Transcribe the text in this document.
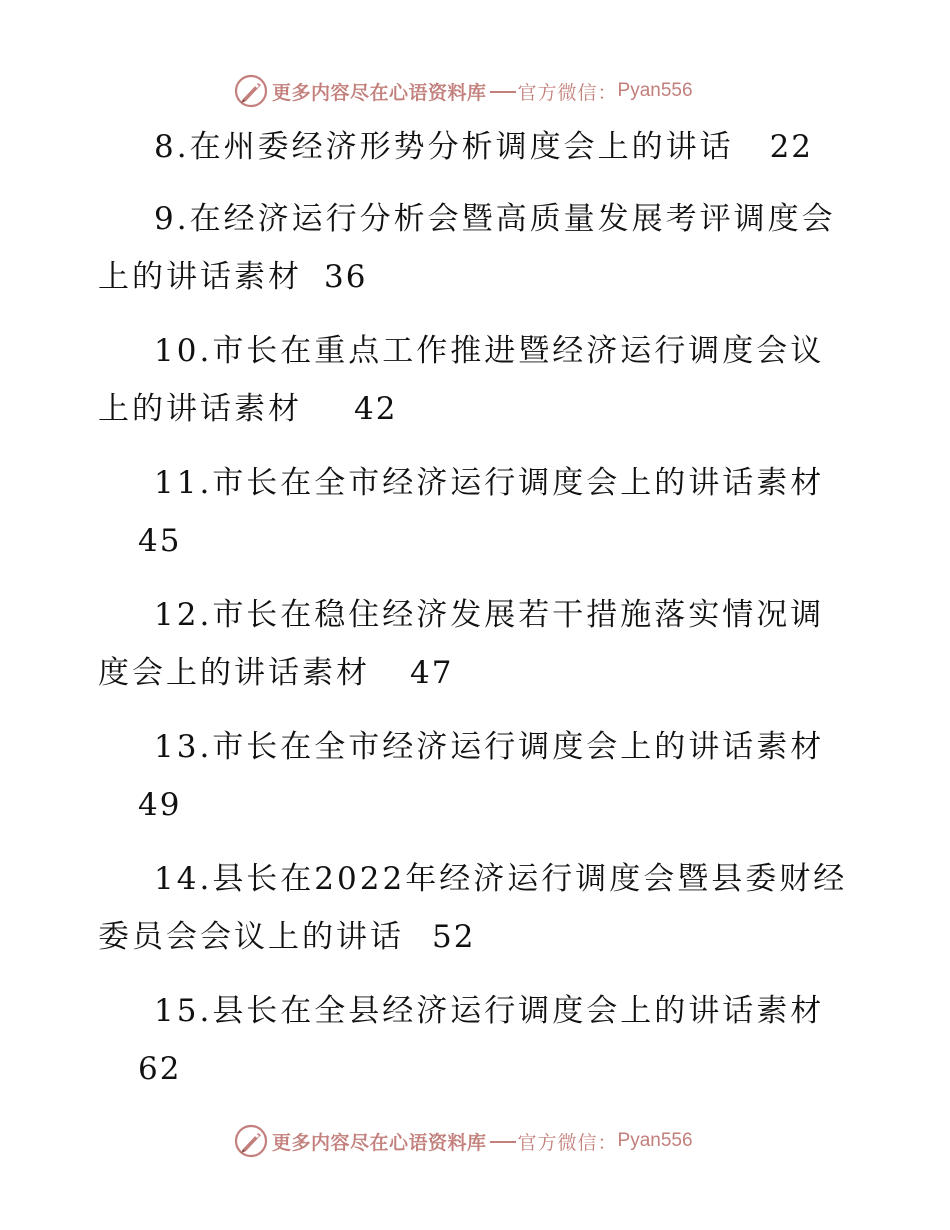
更多内容尽在心语资料库 官方微信： Pyan556
8.在州委经济形势分析调度会上的讲话 22
9.在经济运行分析会暨高质量发展考评调度会上的讲话素材 36
10.市长在重点工作推进暨经济运行调度会议上的讲话素材 42
11.市长在全市经济运行调度会上的讲话素材45
12.市长在稳住经济发展若干措施落实情况调度会上的讲话素材 47
13.市长在全市经济运行调度会上的讲话素材49
14.县长在2022年经济运行调度会暨县委财经委员会会议上的讲话 52
15.县长在全县经济运行调度会上的讲话素材62
更多内容尽在心语资料库 官方微信： Pyan556
